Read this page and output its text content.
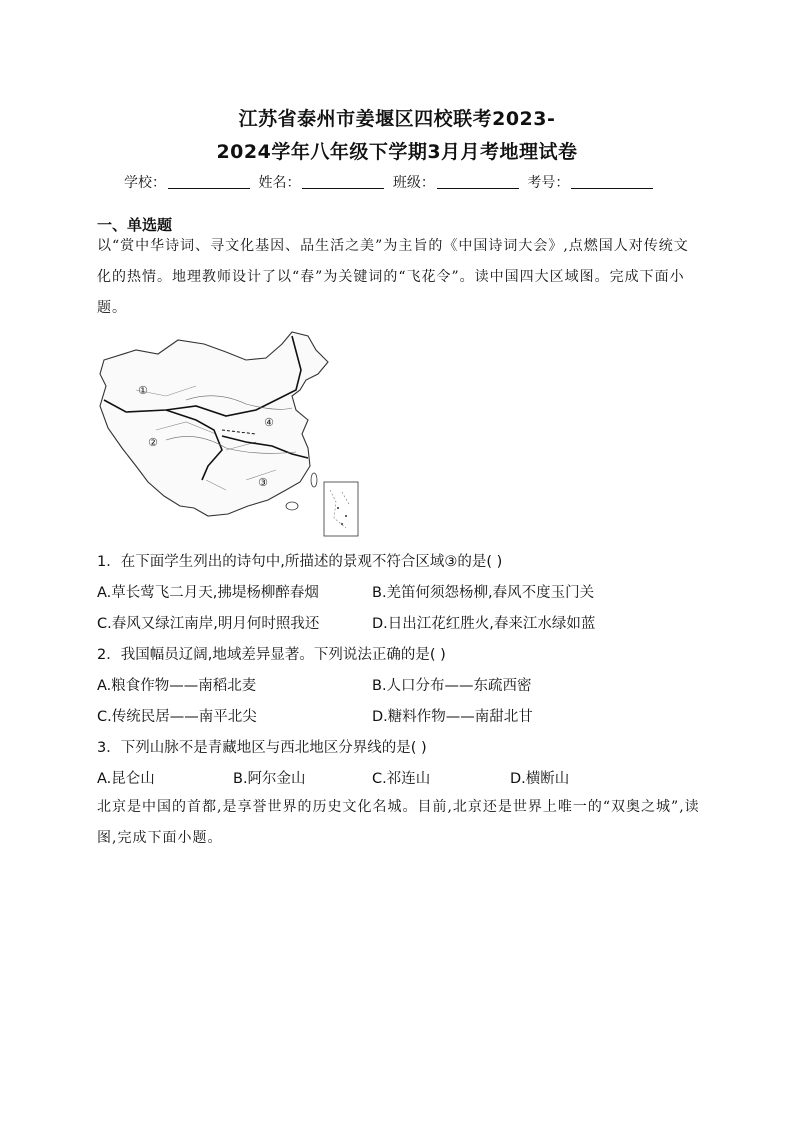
江苏省泰州市姜堰区四校联考2023-
2024学年八年级下学期3月月考地理试卷
学校：	姓名：	班级：	考号：
一、单选题
以“赏中华诗词、寻文化基因、品生活之美”为主旨的《中国诗词大会》,点燃国人对传统文化的热情。地理教师设计了以“春”为关键词的“飞花令”。读中国四大区域图。完成下面小题。
①
②
③
④
1．在下面学生列出的诗句中,所描述的景观不符合区域③的是( )
A.草长莺飞二月天,拂堤杨柳醉春烟	B.羌笛何须怨杨柳,春风不度玉门关
C.春风又绿江南岸,明月何时照我还	D.日出江花红胜火,春来江水绿如蓝
2．我国幅员辽阔,地域差异显著。下列说法正确的是( )
A.粮食作物——南稻北麦	B.人口分布——东疏西密
C.传统民居——南平北尖	D.糖料作物——南甜北甘
3．下列山脉不是青藏地区与西北地区分界线的是( )
A.昆仑山	B.阿尔金山	C.祁连山	D.横断山
北京是中国的首都,是享誉世界的历史文化名城。目前,北京还是世界上唯一的“双奥之城”,读图,完成下面小题。
